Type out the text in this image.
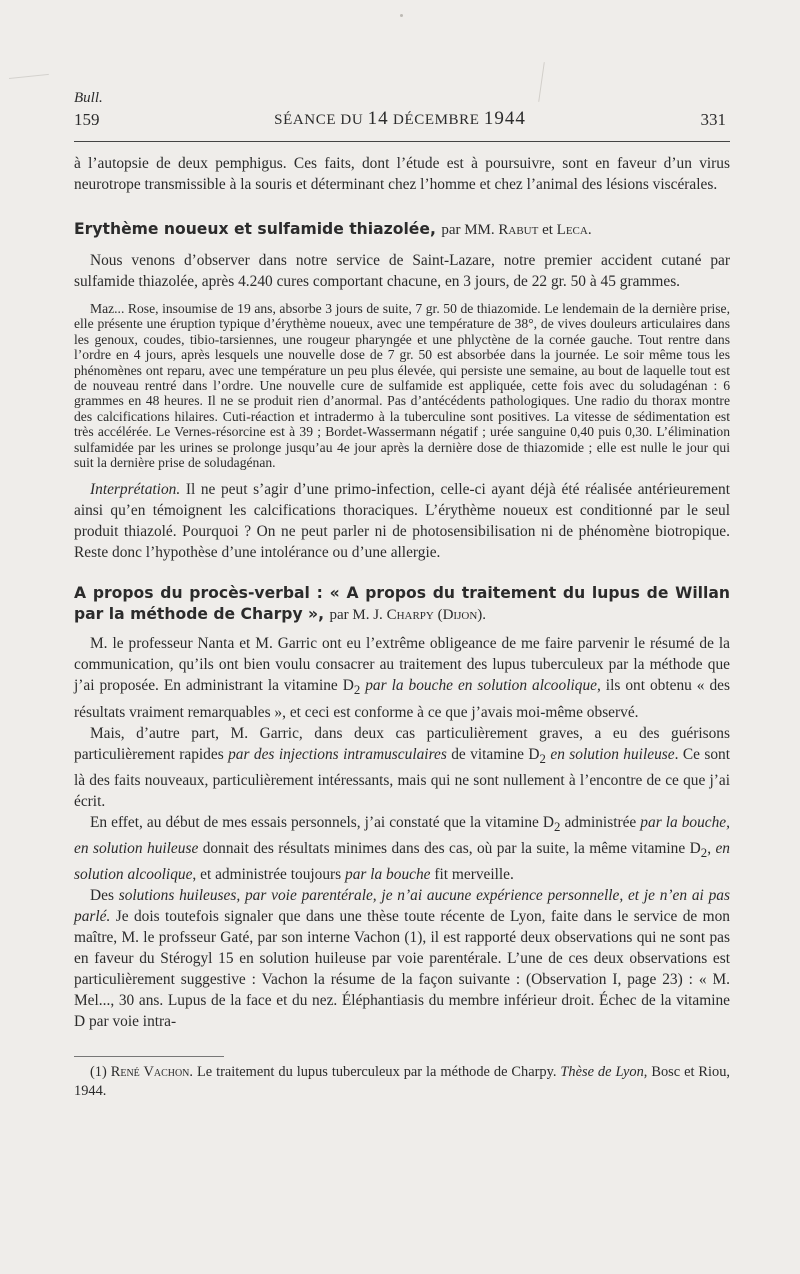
Bull.
159	SÉANCE DU 14 DÉCEMBRE 1944	331

à l’autopsie de deux pemphigus. Ces faits, dont l’étude est à poursuivre, sont en faveur d’un virus neurotrope transmissible à la souris et déterminant chez l’homme et chez l’animal des lésions viscérales.

Erythème noueux et sulfamide thiazolée, par MM. Rabut et Leca.

Nous venons d’observer dans notre service de Saint-Lazare, notre premier accident cutané par sulfamide thiazolée, après 4.240 cures comportant chacune, en 3 jours, de 22 gr. 50 à 45 grammes.

Maz... Rose, insoumise de 19 ans, absorbe 3 jours de suite, 7 gr. 50 de thiazomide. Le lendemain de la dernière prise, elle présente une éruption typique d’érythème noueux, avec une température de 38°, de vives douleurs articulaires dans les genoux, coudes, tibio-tarsiennes, une rougeur pharyngée et une phlyctène de la cornée gauche. Tout rentre dans l’ordre en 4 jours, après lesquels une nouvelle dose de 7 gr. 50 est absorbée dans la journée. Le soir même tous les phénomènes ont reparu, avec une température un peu plus élevée, qui persiste une semaine, au bout de laquelle tout est de nouveau rentré dans l’ordre. Une nouvelle cure de sulfamide est appliquée, cette fois avec du soludagénan : 6 grammes en 48 heures. Il ne se produit rien d’anormal. Pas d’antécédents pathologiques. Une radio du thorax montre des calcifications hilaires. Cuti-réaction et intradermo à la tuberculine sont positives. La vitesse de sédimentation est très accélérée. Le Vernes-résorcine est à 39 ; Bordet-Wassermann négatif ; urée sanguine 0,40 puis 0,30. L’élimination sulfamidée par les urines se prolonge jusqu’au 4e jour après la dernière dose de thiazomide ; elle est nulle le jour qui suit la dernière prise de soludagénan.

Interprétation. Il ne peut s’agir d’une primo-infection, celle-ci ayant déjà été réalisée antérieurement ainsi qu’en témoignent les calcifications thoraciques. L’érythème noueux est conditionné par le seul produit thiazolé. Pourquoi ? On ne peut parler ni de photosensibilisation ni de phénomène biotropique. Reste donc l’hypothèse d’une intolérance ou d’une allergie.

A propos du procès-verbal : « A propos du traitement du lupus de Willan par la méthode de Charpy », par M. J. Charpy (Dijon).

M. le professeur Nanta et M. Garric ont eu l’extrême obligeance de me faire parvenir le résumé de la communication, qu’ils ont bien voulu consacrer au traitement des lupus tuberculeux par la méthode que j’ai proposée. En administrant la vitamine $D_2$ par la bouche en solution alcoolique, ils ont obtenu « des résultats vraiment remarquables », et ceci est conforme à ce que j’avais moi-même observé.

Mais, d’autre part, M. Garric, dans deux cas particulièrement graves, a eu des guérisons particulièrement rapides par des injections intramusculaires de vitamine $D_2$ en solution huileuse. Ce sont là des faits nouveaux, particulièrement intéressants, mais qui ne sont nullement à l’encontre de ce que j’ai écrit.

En effet, au début de mes essais personnels, j’ai constaté que la vitamine $D_2$ administrée par la bouche, en solution huileuse donnait des résultats minimes dans des cas, où par la suite, la même vitamine $D_2$, en solution alcoolique, et administrée toujours par la bouche fit merveille.

Des solutions huileuses, par voie parentérale, je n’ai aucune expérience personnelle, et je n’en ai pas parlé. Je dois toutefois signaler que dans une thèse toute récente de Lyon, faite dans le service de mon maître, M. le profsseur Gaté, par son interne Vachon (1), il est rapporté deux observations qui ne sont pas en faveur du Stérogyl 15 en solution huileuse par voie parentérale. L’une de ces deux observations est particulièrement suggestive : Vachon la résume de la façon suivante : (Observation I, page 23) : « M. Mel..., 30 ans. Lupus de la face et du nez. Éléphantiasis du membre inférieur droit. Échec de la vitamine D par voie intra-

(1) René Vachon. Le traitement du lupus tuberculeux par la méthode de Charpy. Thèse de Lyon, Bosc et Riou, 1944.
